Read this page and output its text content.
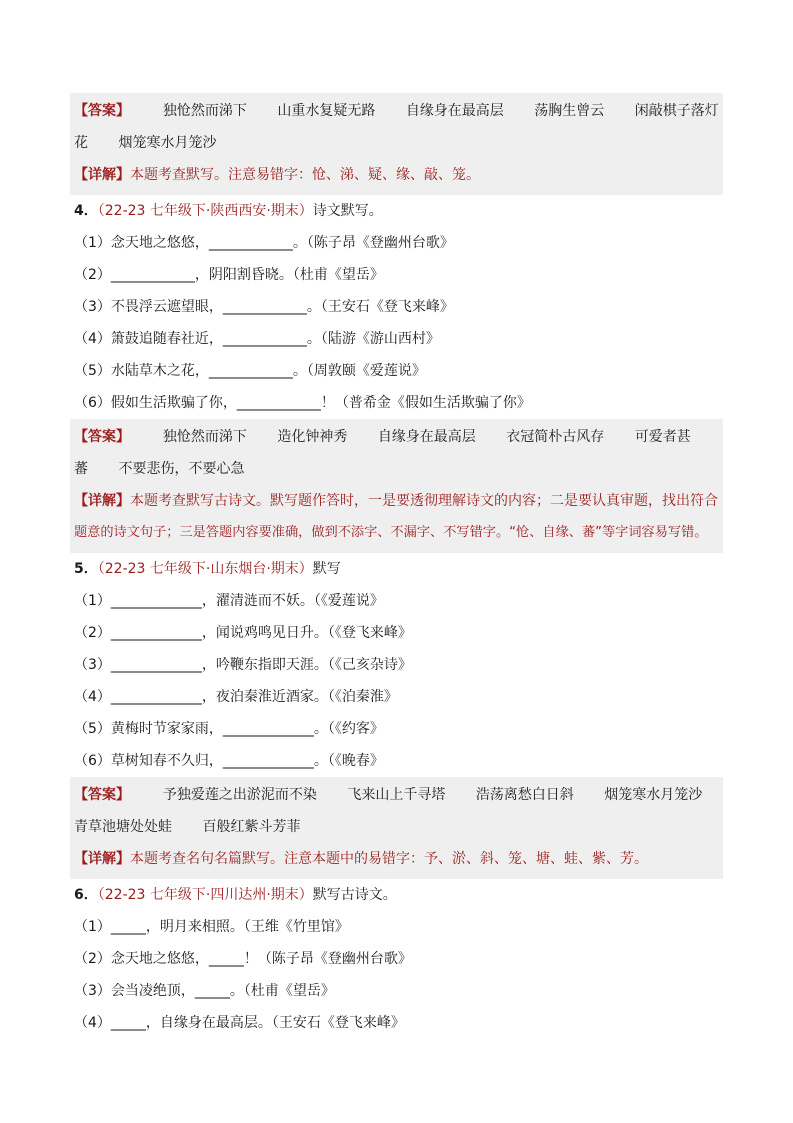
【答案】 独怆然而涕下 山重水复疑无路 自缘身在最高层 荡胸生曾云 闲敲棋子落灯
花 烟笼寒水月笼沙
【详解】本题考查默写。注意易错字：怆、涕、疑、缘、敲、笼。
4．（22-23 七年级下·陕西西安·期末）诗文默写。
（1）念天地之悠悠，____________。（陈子昂《登幽州台歌》
（2）____________，阴阳割昏晓。（杜甫《望岳》
（3）不畏浮云遮望眼，____________。（王安石《登飞来峰》
（4）箫鼓追随春社近，____________。（陆游《游山西村》
（5）水陆草木之花，____________。（周敦颐《爱莲说》
（6）假如生活欺骗了你，____________！（普希金《假如生活欺骗了你》
【答案】 独怆然而涕下 造化钟神秀 自缘身在最高层 衣冠简朴古风存 可爱者甚
蕃 不要悲伤，不要心急
【详解】本题考查默写古诗文。默写题作答时，一是要透彻理解诗文的内容；二是要认真审题，找出符合
题意的诗文句子；三是答题内容要准确，做到不添字、不漏字、不写错字。“怆、自缘、蕃”等字词容易写错。
5．（22-23 七年级下·山东烟台·期末）默写
（1）_____________，濯清涟而不妖。（《爱莲说》
（2）_____________，闻说鸡鸣见日升。（《登飞来峰》
（3）_____________，吟鞭东指即天涯。（《己亥杂诗》
（4）_____________，夜泊秦淮近酒家。（《泊秦淮》
（5）黄梅时节家家雨，_____________。（《约客》
（6）草树知春不久归，_____________。（《晚春》
【答案】 予独爱莲之出淤泥而不染 飞来山上千寻塔 浩荡离愁白日斜 烟笼寒水月笼沙
青草池塘处处蛙 百般红紫斗芳菲
【详解】本题考查名句名篇默写。注意本题中的易错字：予、淤、斜、笼、塘、蛙、紫、芳。
6．（22-23 七年级下·四川达州·期末）默写古诗文。
（1）_____，明月来相照。（王维《竹里馆》
（2）念天地之悠悠，_____！（陈子昂《登幽州台歌》
（3）会当凌绝顶，_____。（杜甫《望岳》
（4）_____，自缘身在最高层。（王安石《登飞来峰》
